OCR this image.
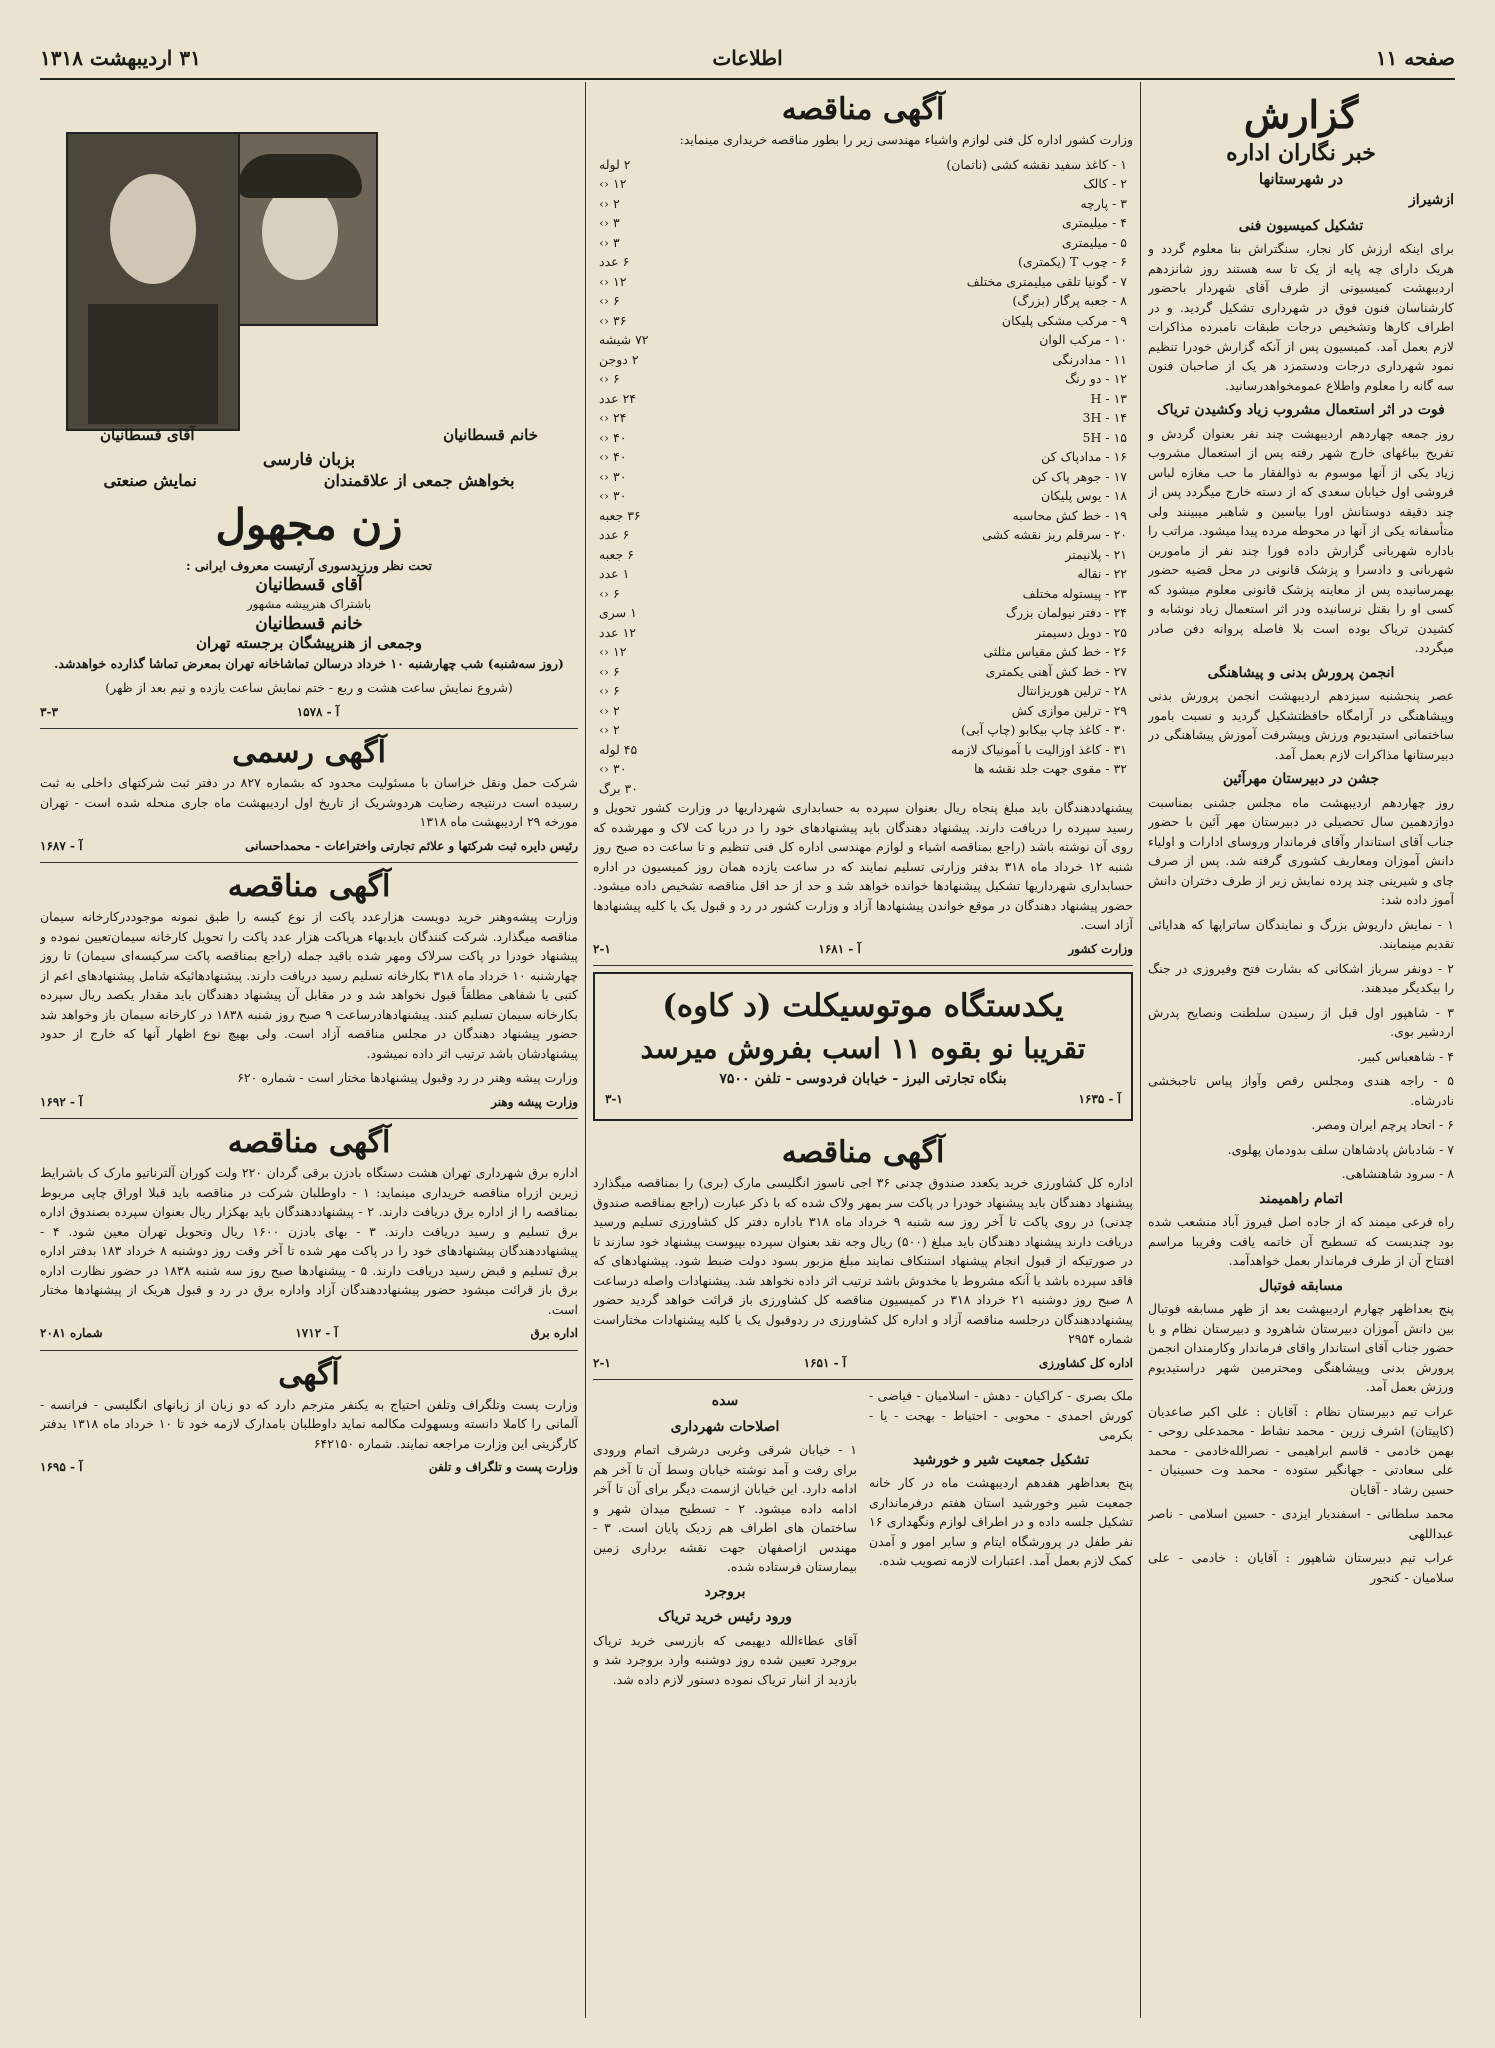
صفحه ۱۱
اطلاعات
۳۱ اردیبهشت ۱۳۱۸
گزارش
خبر نگاران اداره
در شهرستانها
ازشیراز
تشکیل کمیسیون فنی

برای اینکه ارزش کار نجار، سنگتراش بنا معلوم گردد و هریک دارای چه پایه از یک تا سه هستند روز شانزدهم اردیبهشت کمیسیونی از طرف آقای شهردار باحضور کارشناسان فنون فوق در شهرداری تشکیل گردید. و در اطراف کارها وتشخیص درجات طبقات نامبرده مذاکرات لازم بعمل آمد. کمیسیون پس از آنکه گزارش خودرا تنظیم نمود شهرداری درجات ودستمزد هر یک از صاحبان فنون سه گانه را معلوم واطلاع عمومخواهدرسانید.

فوت در اثر استعمال مشروب زیاد وکشیدن تریاک

روز جمعه چهاردهم اردیبهشت چند نفر بعنوان گردش و تفریح بباغهای خارج شهر رفته پس از استعمال مشروب زیاد یکی از آنها موسوم به ذوالفقار ما حب مغازه لباس فروشی اول خیابان سعدی که از دسته خارج میگردد پس از چند دقیقه دوستانش اورا بیاسین و شاهبر میبینند ولی متأسفانه یکی از آنها در محوطه مرده پیدا میشود. مراتب را باداره شهربانی گزارش داده فورا چند نفر از مامورین شهربانی و دادسرا و پزشک قانونی در محل قضیه حضور بهمرسانیده پس از معاینه پزشک قانونی معلوم میشود که کسی او را بقتل نرسانیده ودر اثر استعمال زیاد نوشابه و کشیدن تریاک بوده است بلا فاصله پروانه دفن صادر میگردد.

انجمن پرورش بدنی و پیشاهنگی

عصر پنجشنبه سیزدهم اردیبهشت انجمن پرورش بدنی وپیشاهنگی در آرامگاه حافظتشکیل گردید و نسبت بامور ساختمانی استیدیوم ورزش وپیشرفت آموزش پیشاهنگی در دبیرستانها مذاکرات لازم بعمل آمد.

جشن در دبیرستان مهرآئین

روز چهاردهم اردیبهشت ماه مجلس جشنی بمناسبت دوازدهمین سال تحصیلی در دبیرستان مهر آئین با حضور جناب آقای استاندار وآقای فرماندار وروسای ادارات و اولیاء دانش آموزان ومعاریف کشوری گرفته شد. پس از صرف چای و شیرینی چند پرده نمایش زیر از طرف دختران دانش آموز داده شد:

۱ - نمایش داریوش بزرگ و نمایندگان ساتراپها که هدایائی تقدیم مینمایند.

۲ - دونفر سرباز اشکانی که بشارت فتح وفیروزی در جنگ را بیکدیگر میدهند.

۳ - شاهپور اول قبل از رسیدن سلطنت ونصایح پدرش اردشیر بوی.

۴ - شاهعباس کبیر.

۵ - راجه هندی ومجلس رقص وآواز پیاس تاجبخشی نادرشاه.

۶ - اتحاد پرچم ایران ومصر.

۷ - شادباش پادشاهان سلف بدودمان پهلوی.

۸ - سرود شاهنشاهی.

اتمام راهمیمند

راه فرعی میمند که از جاده اصل فیروز آباد منشعب شده بود چندیست که تسطیح آن خاتمه یافت وفریبا مراسم افتتاح آن از طرف فرماندار بعمل خواهدآمد.

مسابقه فوتبال

پنج بعداظهر چهارم اردیبهشت بعد از ظهر مسابقه فوتبال بین دانش آموزان دبیرستان شاهرود و دبیرستان نظام و با حضور جناب آقای استاندار واقای فرماندار وکارمندان انجمن پرورش بدنی وپیشاهنگی ومحترمین شهر دراستیدیوم ورزش بعمل آمد.

عراب تیم دبیرستان نظام : آقایان : علی اکبر صاعدیان (کاپیتان) اشرف زرین - محمد نشاط - محمدعلی روحی - بهمن خادمی - قاسم ابراهیمی - نصرالله‌خادمی - محمد علی سعادتی - جهانگیر ستوده - محمد وت حسینیان - حسین رشاد - آقایان

محمد سلطانی - اسفندیار ایزدی - حسین اسلامی - ناصر عبداللهی

عراب تیم دبیرستان شاهپور : آقایان : خادمی - علی سلامیان - کنجور

آگهی مناقصه

وزارت کشور اداره کل فنی لوازم واشیاء مهندسی زیر را بطور مناقصه خریداری مینماید:

۱ - کاغذ سفید نقشه کشی (ناتمان)
۲ لوله
۲ - کالک
۱۲ ‹›
۳ - پارچه
۲ ‹›
۴ - میلیمتری
۳ ‹›
۵ - میلیمتری
۳ ‹›
۶ - چوب T (یکمتری)
۶ عدد
۷ - گونیا تلقی میلیمتری مختلف
۱۲ ‹›
۸ - جعبه پرگار (بزرگ)
۶ ‹›
۹ - مرکب مشکی پلیکان
۳۶ ‹›
۱۰ - مرکب الوان
۷۲ شیشه
۱۱ - مدادرنگی
۲ دوجن
۱۲ - دو رنگ
۶ ‹›
۱۳ - H
۲۴ عدد
۱۴ - 3H
۲۴ ‹›
۱۵ - 5H
۴۰ ‹›
۱۶ - مدادپاک کن
۴۰ ‹›
۱۷ - جوهر پاک کن
۳۰ ‹›
۱۸ - یوس پلیکان
۳۰ ‹›
۱۹ - خط کش محاسبه
۳۶ جعبه
۲۰ - سرقلم ریز نقشه کشی
۶ عدد
۲۱ - پلانیمتر
۶ جعبه
۲۲ - نقاله
۱ عدد
۲۳ - پیستوله مختلف
۶ ‹›
۲۴ - دفتر نیولمان بزرگ
۱ سری
۲۵ - دوبل دسیمتر
۱۲ عدد
۲۶ - خط کش مقیاس مثلثی
۱۲ ‹›
۲۷ - خط کش آهنی یکمتری
۶ ‹›
۲۸ - ترلین هوریزانتال
۶ ‹›
۲۹ - ترلین موازی کش
۲ ‹›
۳۰ - کاغذ چاپ بیکابو (چاپ آبی)
۲ ‹›
۳۱ - کاغذ اوزالیت با آمونیاک لازمه
۴۵ لوله
۳۲ - مقوی جهت جلد نقشه ها
۳۰ ‹›
۳۰ برگ

پیشنهاددهندگان باید مبلغ پنجاه ریال بعنوان سپرده به حسابداری شهرداریها در وزارت کشور تحویل و رسید سپرده را دریافت دارند. پیشنهاد دهندگان باید پیشنهادهای خود را در دریا کت لاک و مهرشده که روی آن نوشته باشد (راجع بمناقصه اشیاء و لوازم مهندسی اداره کل فنی تنظیم و تا ساعت ده صبح روز شنبه ۱۲ خرداد ماه ۳۱۸ بدفتر وزارتی تسلیم نمایند که در ساعت یازده همان روز کمیسیون در اداره حسابداری شهرداریها تشکیل پیشنهادها خوانده خواهد شد و حد از حد اقل مناقصه تشخیص داده میشود. حضور پیشنهاد دهندگان در موقع خواندن پیشنهادها آزاد و وزارت کشور در رد و قبول یک یا کلیه پیشنهادها آزاد است.

وزارت کشور
آ - ۱۶۸۱
۲-۱
یکدستگاه موتوسیکلت (د کاوه)
تقریبا نو بقوه ۱۱ اسب بفروش میرسد
بنگاه تجارتی البرز - خیابان فردوسی - تلفن ۷۵۰۰
آ - ۱۶۳۵
۳-۱
آگهی مناقصه

اداره کل کشاورزی خرید یکعدد صندوق چدنی ۳۶ اجی ناسوز انگلیسی مارک (بری) را بمناقصه میگذارد پیشنهاد دهندگان باید پیشنهاد خودرا در پاکت سر بمهر ولاک شده که با ذکر عبارت (راجع بمناقصه صندوق چدنی) در روی پاکت تا آخر روز سه شنبه ۹ خرداد ماه ۳۱۸ باداره دفتر کل کشاورزی تسلیم ورسید دریافت دارند پیشنهاد دهندگان باید مبلغ (۵۰۰) ریال وجه نقد بعنوان سپرده بپیوست پیشنهاد خود سازند تا در صورتیکه از قبول انجام پیشنهاد استنکاف نمایند مبلغ مزبور بسود دولت ضبط شود. پیشنهادهای که فاقد سپرده باشد یا آنکه مشروط یا مخدوش باشد ترتیب اثر داده نخواهد شد. پیشنهادات واصله درساعت ۸ صبح روز دوشنبه ۲۱ خرداد ۳۱۸ در کمیسیون مناقصه کل کشاورزی باز قرائت خواهد گردید حضور پیشنهاددهندگان درجلسه مناقصه آزاد و اداره کل کشاورزی در ردوقبول یک یا کلیه پیشنهادات مختاراست شماره ۲۹۵۴

اداره کل کشاورزی
آ - ۱۶۵۱
۲-۱

ملک بصری - کراکیان - دهش - اسلامیان - فیاضی - کورش احمدی - محوبی - احتیاط - بهجت - یا - بکرمی

تشکیل جمعیت شیر و خورشید

پنج بعداظهر هفدهم اردیبهشت ماه در کار خانه جمعیت شیر وخورشید استان هفتم درفرمانداری تشکیل جلسه داده و در اطراف لوازم ونگهداری ۱۶ نفر طفل در پرورشگاه ایتام و سایر امور و آمدن کمک لازم بعمل آمد. اعتبارات لازمه تصویب شده.

سده
اصلاحات شهرداری

۱ - خیابان شرقی وغربی درشرف اتمام ورودی برای رفت و آمد نوشته خیابان وسط آن تا آخر هم ادامه دارد. این خیابان ازسمت دیگر برای آن تا آخر ادامه داده میشود. ۲ - تسطیح میدان شهر و ساختمان های اطراف هم زدیک پایان است. ۳ - مهندس ازاصفهان جهت نقشه برداری زمین بیمارستان فرستاده شده.

بروجرد
ورود رئیس خرید تریاک

آقای عطاءالله دیهیمی که بازرسی خرید تریاک بروجرد تعیین شده روز دوشنبه وارد بروجرد شد و بازدید از انبار تریاک نموده دستور لازم داده شد.

خانم قسطانیان
آقای قسطانیان
بزبان فارسی
بخواهش جمعی از علاقمندان
نمایش صنعتی
زن مجهول
تحت نظر ورزیدسوری آرتیست معروف ایرانی :
آقای قسطانیان
باشتراک هنرپیشه مشهور
خانم قسطانیان
وجمعی از هنرپیشگان برجسته تهران

(روز سه‌شنبه) شب چهارشنبه ۱۰ خرداد درسالن تماشاخانه تهران بمعرض تماشا گذارده خواهدشد.

(شروع نمایش ساعت هشت و ربع - ختم نمایش ساعت یازده و نیم بعد از ظهر)

آ - ۱۵۷۸
۳-۳
آگهی رسمی

شرکت حمل ونقل خراسان با مسئولیت محدود که بشماره ۸۲۷ در دفتر ثبت شرکتهای داخلی به ثبت رسیده است درنتیجه رضایت هردوشریک از تاریخ اول اردیبهشت ماه جاری منحله شده است - تهران مورخه ۲۹ اردیبهشت ماه ۱۳۱۸

رئیس دایره ثبت شرکتها و علائم تجارتی واختراعات - محمداحسانی
آ - ۱۶۸۷
آگهی مناقصه

وزارت پیشه‌وهنر خرید دویست هزارعدد پاکت از نوع کیسه را طبق نمونه موجوددرکارخانه سیمان مناقصه میگذارد. شرکت کنندگان بایدبهاء هرپاکت هزار عدد پاکت را تحویل کارخانه سیمان‌تعیین نموده و پیشنهاد خودرا در پاکت سرلاک ومهر شده باقید جمله (راجع بمناقصه پاکت سرکیسه‌ای سیمان) تا روز چهارشنبه ۱۰ خرداد ماه ۳۱۸ بکارخانه تسلیم رسید دریافت دارند. پیشنهادهائیکه شامل پیشنهادهای اعم از کتبی یا شفاهی مطلقاً قبول نخواهد شد و در مقابل آن پیشنهاد دهندگان باید مقدار یکصد ریال سپرده بکارخانه سیمان تسلیم کنند. پیشنهادهادرساعت ۹ صبح روز شنبه ۱۸۳۸ در کارخانه سیمان باز وخواهد شد حضور پیشنهاد دهندگان در مجلس مناقصه آزاد است. ولی بهیچ نوع اظهار آنها که خارج از حدود پیشنهادشان باشد ترتیب اثر داده نمیشود.

وزارت پیشه وهنر در رد وقبول پیشنهادها مختار است - شماره ۶۲۰

وزارت پیشه وهنر
آ - ۱۶۹۲
آگهی مناقصه

اداره برق شهرداری تهران هشت دستگاه بادزن برقی گردان ۲۲۰ ولت کوران آلترناتیو مارک ک باشرایط زیرین ازراه مناقصه خریداری مینماید: ۱ - داوطلبان شرکت در مناقصه باید قبلا اوراق چاپی مربوط بمناقصه را از اداره برق دریافت دارند. ۲ - پیشنهاددهندگان باید بهکزار ریال بعنوان سپرده بصندوق اداره برق تسلیم و رسید دریافت دارند. ۳ - بهای بادزن ۱۶۰۰ ریال وتحویل تهران معین شود. ۴ - پیشنهاددهندگان پیشنهادهای خود را در پاکت مهر شده تا آخر وقت روز دوشنبه ۸ خرداد ۱۸۳ بدفتر اداره برق تسلیم و قبض رسید دریافت دارند. ۵ - پیشنهادها صبح روز سه شنبه ۱۸۳۸ در حضور نظارت اداره برق باز قرائت میشود حضور پیشنهاددهندگان آزاد واداره برق در رد و قبول هریک از پیشنهادها مختار است.

اداره برق
آ - ۱۷۱۲
شماره ۲۰۸۱
آگهی

وزارت پست وتلگراف وتلفن احتیاج به یکنفر مترجم دارد که دو زبان از زبانهای انگلیسی - فرانسه - آلمانی را کاملا دانسته وبسهولت مکالمه نماید داوطلبان بامدارک لازمه خود تا ۱۰ خرداد ماه ۱۳۱۸ بدفتر کارگزینی این وزارت مراجعه نمایند. شماره ۶۴۲۱۵۰

وزارت پست و تلگراف و تلفن
آ - ۱۶۹۵
